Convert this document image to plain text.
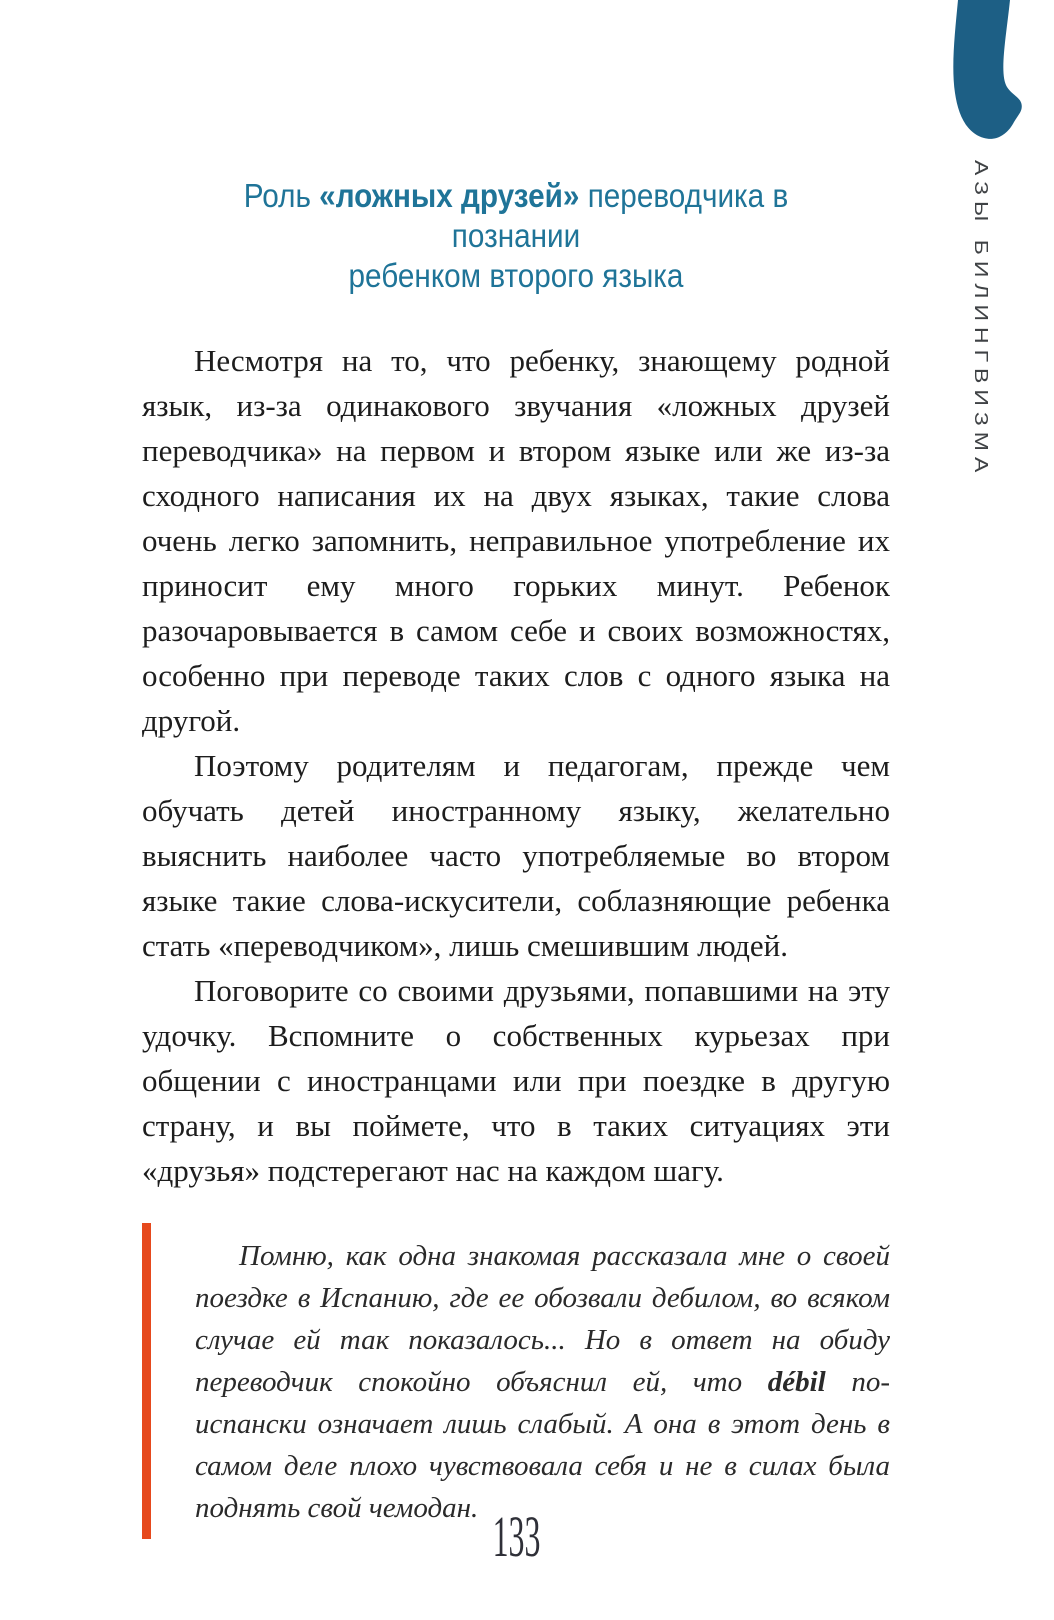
АЗЫ БИЛИНГВИЗМА
Роль «ложных друзей» переводчика в познании
ребенком второго языка

Несмотря на то, что ребенку, знающему родной язык, из-за одинакового звучания «ложных друзей переводчика» на первом и втором языке или же из-за сходного написания их на двух языках, такие слова очень легко запомнить, неправильное употребление их приносит ему много горьких минут. Ребенок разочаровывается в самом себе и своих возможностях, особенно при переводе таких слов с одного языка на другой.

Поэтому родителям и педагогам, прежде чем обучать детей иностранному языку, желательно выяснить наиболее часто употребляемые во втором языке такие слова-искусители, соблазняющие ребенка стать «переводчиком», лишь смешившим людей.

Поговорите со своими друзьями, попавшими на эту удочку. Вспомните о собственных курьезах при общении с иностранцами или при поездке в другую страну, и вы поймете, что в таких ситуациях эти «друзья» подстерегают нас на каждом шагу.

Помню, как одна знакомая рассказала мне о своей поездке в Испанию, где ее обозвали дебилом, во всяком случае ей так показалось... Но в ответ на обиду переводчик спокойно объяснил ей, что débil по-испански означает лишь слабый. А она в этот день в самом деле плохо чувствовала себя и не в силах была поднять свой чемодан. 133
